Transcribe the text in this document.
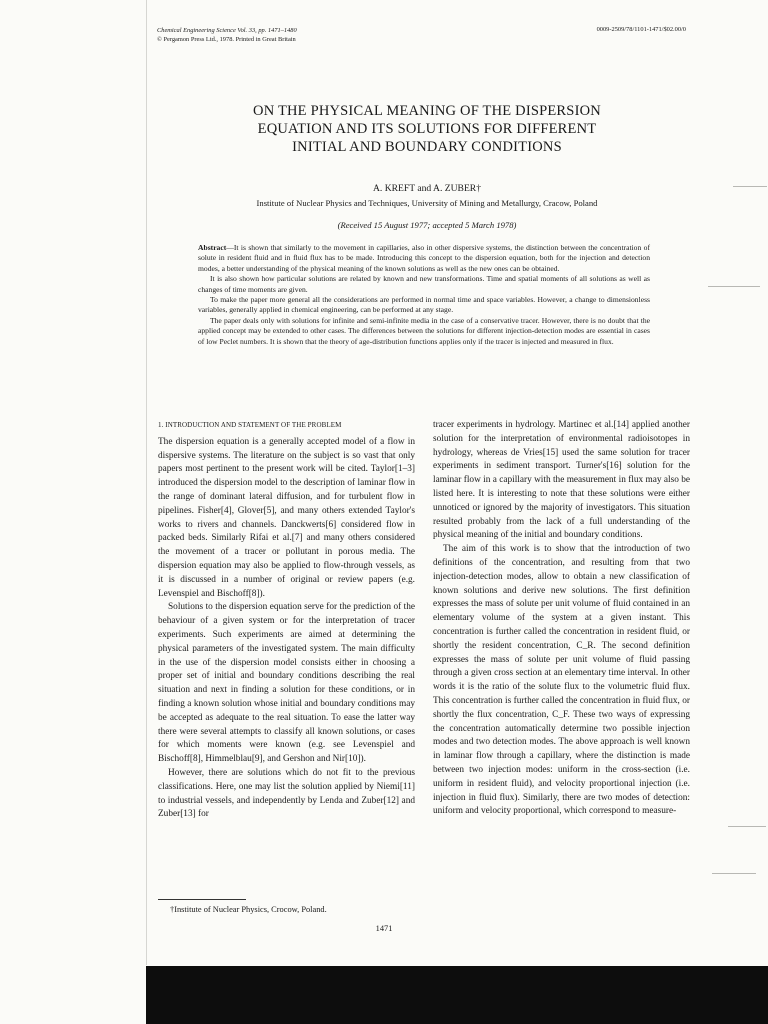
Chemical Engineering Science Vol. 33, pp. 1471–1480
© Pergamon Press Ltd., 1978. Printed in Great Britain
0009-2509/78/1101-1471/$02.00/0
ON THE PHYSICAL MEANING OF THE DISPERSION
EQUATION AND ITS SOLUTIONS FOR DIFFERENT
INITIAL AND BOUNDARY CONDITIONS
A. KREFT and A. ZUBER†
Institute of Nuclear Physics and Techniques, University of Mining and Metallurgy, Cracow, Poland
(Received 15 August 1977; accepted 5 March 1978)

Abstract—It is shown that similarly to the movement in capillaries, also in other dispersive systems, the distinction between the concentration of solute in resident fluid and in fluid flux has to be made. Introducing this concept to the dispersion equation, both for the injection and detection modes, a better understanding of the physical meaning of the known solutions as well as the new ones can be obtained.

It is also shown how particular solutions are related by known and new transformations. Time and spatial moments of all solutions as well as changes of time moments are given.

To make the paper more general all the considerations are performed in normal time and space variables. However, a change to dimensionless variables, generally applied in chemical engineering, can be performed at any stage.

The paper deals only with solutions for infinite and semi-infinite media in the case of a conservative tracer. However, there is no doubt that the applied concept may be extended to other cases. The differences between the solutions for different injection-detection modes are essential in cases of low Peclet numbers. It is shown that the theory of age-distribution functions applies only if the tracer is injected and measured in flux.

1. INTRODUCTION AND STATEMENT OF THE PROBLEM

The dispersion equation is a generally accepted model of a flow in dispersive systems. The literature on the subject is so vast that only papers most pertinent to the present work will be cited. Taylor[1–3] introduced the dispersion model to the description of laminar flow in the range of dominant lateral diffusion, and for turbulent flow in pipelines. Fisher[4], Glover[5], and many others extended Taylor's works to rivers and channels. Danckwerts[6] considered flow in packed beds. Similarly Rifai et al.[7] and many others considered the movement of a tracer or pollutant in porous media. The dispersion equation may also be applied to flow-through vessels, as it is discussed in a number of original or review papers (e.g. Levenspiel and Bischoff[8]).

Solutions to the dispersion equation serve for the prediction of the behaviour of a given system or for the interpretation of tracer experiments. Such experiments are aimed at determining the physical parameters of the investigated system. The main difficulty in the use of the dispersion model consists either in choosing a proper set of initial and boundary conditions describing the real situation and next in finding a solution for these conditions, or in finding a known solution whose initial and boundary conditions may be accepted as adequate to the real situation. To ease the latter way there were several attempts to classify all known solutions, or cases for which moments were known (e.g. see Levenspiel and Bischoff[8], Himmelblau[9], and Gershon and Nir[10]).

However, there are solutions which do not fit to the previous classifications. Here, one may list the solution applied by Niemi[11] to industrial vessels, and independently by Lenda and Zuber[12] and Zuber[13] for

tracer experiments in hydrology. Martinec et al.[14] applied another solution for the interpretation of environmental radioisotopes in hydrology, whereas de Vries[15] used the same solution for tracer experiments in sediment transport. Turner's[16] solution for the laminar flow in a capillary with the measurement in flux may also be listed here. It is interesting to note that these solutions were either unnoticed or ignored by the majority of investigators. This situation resulted probably from the lack of a full understanding of the physical meaning of the initial and boundary conditions.

The aim of this work is to show that the introduction of two definitions of the concentration, and resulting from that two injection-detection modes, allow to obtain a new classification of known solutions and derive new solutions. The first definition expresses the mass of solute per unit volume of fluid contained in an elementary volume of the system at a given instant. This concentration is further called the concentration in resident fluid, or shortly the resident concentration, C_R. The second definition expresses the mass of solute per unit volume of fluid passing through a given cross section at an elementary time interval. In other words it is the ratio of the solute flux to the volumetric fluid flux. This concentration is further called the concentration in fluid flux, or shortly the flux concentration, C_F. These two ways of expressing the concentration automatically determine two possible injection modes and two detection modes. The above approach is well known in laminar flow through a capillary, where the distinction is made between two injection modes: uniform in the cross-section (i.e. uniform in resident fluid), and velocity proportional injection (i.e. injection in fluid flux). Similarly, there are two modes of detection: uniform and velocity proportional, which correspond to measure-

†Institute of Nuclear Physics, Crocow, Poland.
1471
